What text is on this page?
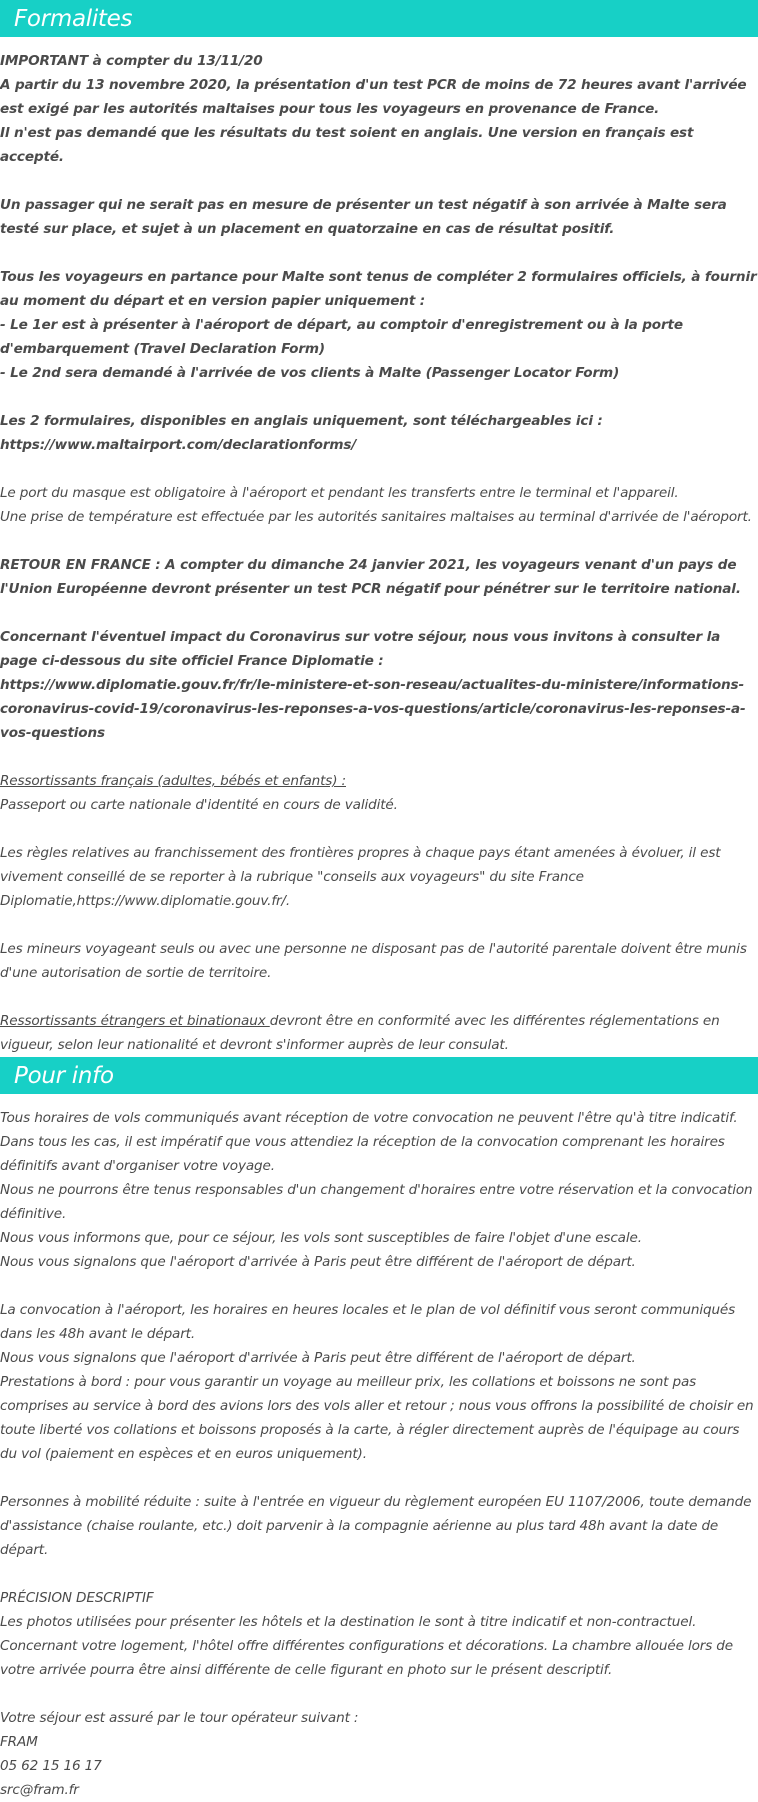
Formalites

IMPORTANT à compter du 13/11/20

A partir du 13 novembre 2020, la présentation d'un test PCR de moins de 72 heures avant l'arrivée est exigé par les autorités maltaises pour tous les voyageurs en provenance de France.

Il n'est pas demandé que les résultats du test soient en anglais. Une version en français est accepté.

Un passager qui ne serait pas en mesure de présenter un test négatif à son arrivée à Malte sera testé sur place, et sujet à un placement en quatorzaine en cas de résultat positif.

Tous les voyageurs en partance pour Malte sont tenus de compléter 2 formulaires officiels, à fournir au moment du départ et en version papier uniquement :

- Le 1er est à présenter à l'aéroport de départ, au comptoir d'enregistrement ou à la porte d'embarquement (Travel Declaration Form)

- Le 2nd sera demandé à l'arrivée de vos clients à Malte (Passenger Locator Form)

Les 2 formulaires, disponibles en anglais uniquement, sont téléchargeables ici :

https://www.maltairport.com/declarationforms/

Le port du masque est obligatoire à l'aéroport et pendant les transferts entre le terminal et l'appareil.

Une prise de température est effectuée par les autorités sanitaires maltaises au terminal d'arrivée de l'aéroport.

RETOUR EN FRANCE : A compter du dimanche 24 janvier 2021, les voyageurs venant d'un pays de l'Union Européenne devront présenter un test PCR négatif pour pénétrer sur le territoire national.

Concernant l'éventuel impact du Coronavirus sur votre séjour, nous vous invitons à consulter la page ci-dessous du site officiel France Diplomatie :

https://www.diplomatie.gouv.fr/fr/le-ministere-et-son-reseau/actualites-du-ministere/informations-coronavirus-covid-19/coronavirus-les-reponses-a-vos-questions/article/coronavirus-les-reponses-a-vos-questions

Ressortissants français (adultes, bébés et enfants) :

Passeport ou carte nationale d'identité en cours de validité.

Les règles relatives au franchissement des frontières propres à chaque pays étant amenées à évoluer, il est vivement conseillé de se reporter à la rubrique "conseils aux voyageurs" du site France Diplomatie,https://www.diplomatie.gouv.fr/.

Les mineurs voyageant seuls ou avec une personne ne disposant pas de l'autorité parentale doivent être munis d'une autorisation de sortie de territoire.

Ressortissants étrangers et binationaux devront être en conformité avec les différentes réglementations en vigueur, selon leur nationalité et devront s'informer auprès de leur consulat.

Pour info

Tous horaires de vols communiqués avant réception de votre convocation ne peuvent l'être qu'à titre indicatif.

Dans tous les cas, il est impératif que vous attendiez la réception de la convocation comprenant les horaires définitifs avant d'organiser votre voyage.

Nous ne pourrons être tenus responsables d'un changement d'horaires entre votre réservation et la convocation définitive.

Nous vous informons que, pour ce séjour, les vols sont susceptibles de faire l'objet d'une escale.

Nous vous signalons que l'aéroport d'arrivée à Paris peut être différent de l'aéroport de départ.

La convocation à l'aéroport, les horaires en heures locales et le plan de vol définitif vous seront communiqués dans les 48h avant le départ.

Nous vous signalons que l'aéroport d'arrivée à Paris peut être différent de l'aéroport de départ.

Prestations à bord : pour vous garantir un voyage au meilleur prix, les collations et boissons ne sont pas comprises au service à bord des avions lors des vols aller et retour ; nous vous offrons la possibilité de choisir en toute liberté vos collations et boissons proposés à la carte, à régler directement auprès de l'équipage au cours du vol (paiement en espèces et en euros uniquement).

Personnes à mobilité réduite : suite à l'entrée en vigueur du règlement européen EU 1107/2006, toute demande d'assistance (chaise roulante, etc.) doit parvenir à la compagnie aérienne au plus tard 48h avant la date de départ.

PRÉCISION DESCRIPTIF

Les photos utilisées pour présenter les hôtels et la destination le sont à titre indicatif et non-contractuel. Concernant votre logement, l'hôtel offre différentes configurations et décorations. La chambre allouée lors de votre arrivée pourra être ainsi différente de celle figurant en photo sur le présent descriptif.

Votre séjour est assuré par le tour opérateur suivant :

FRAM

05 62 15 16 17

src@fram.fr
